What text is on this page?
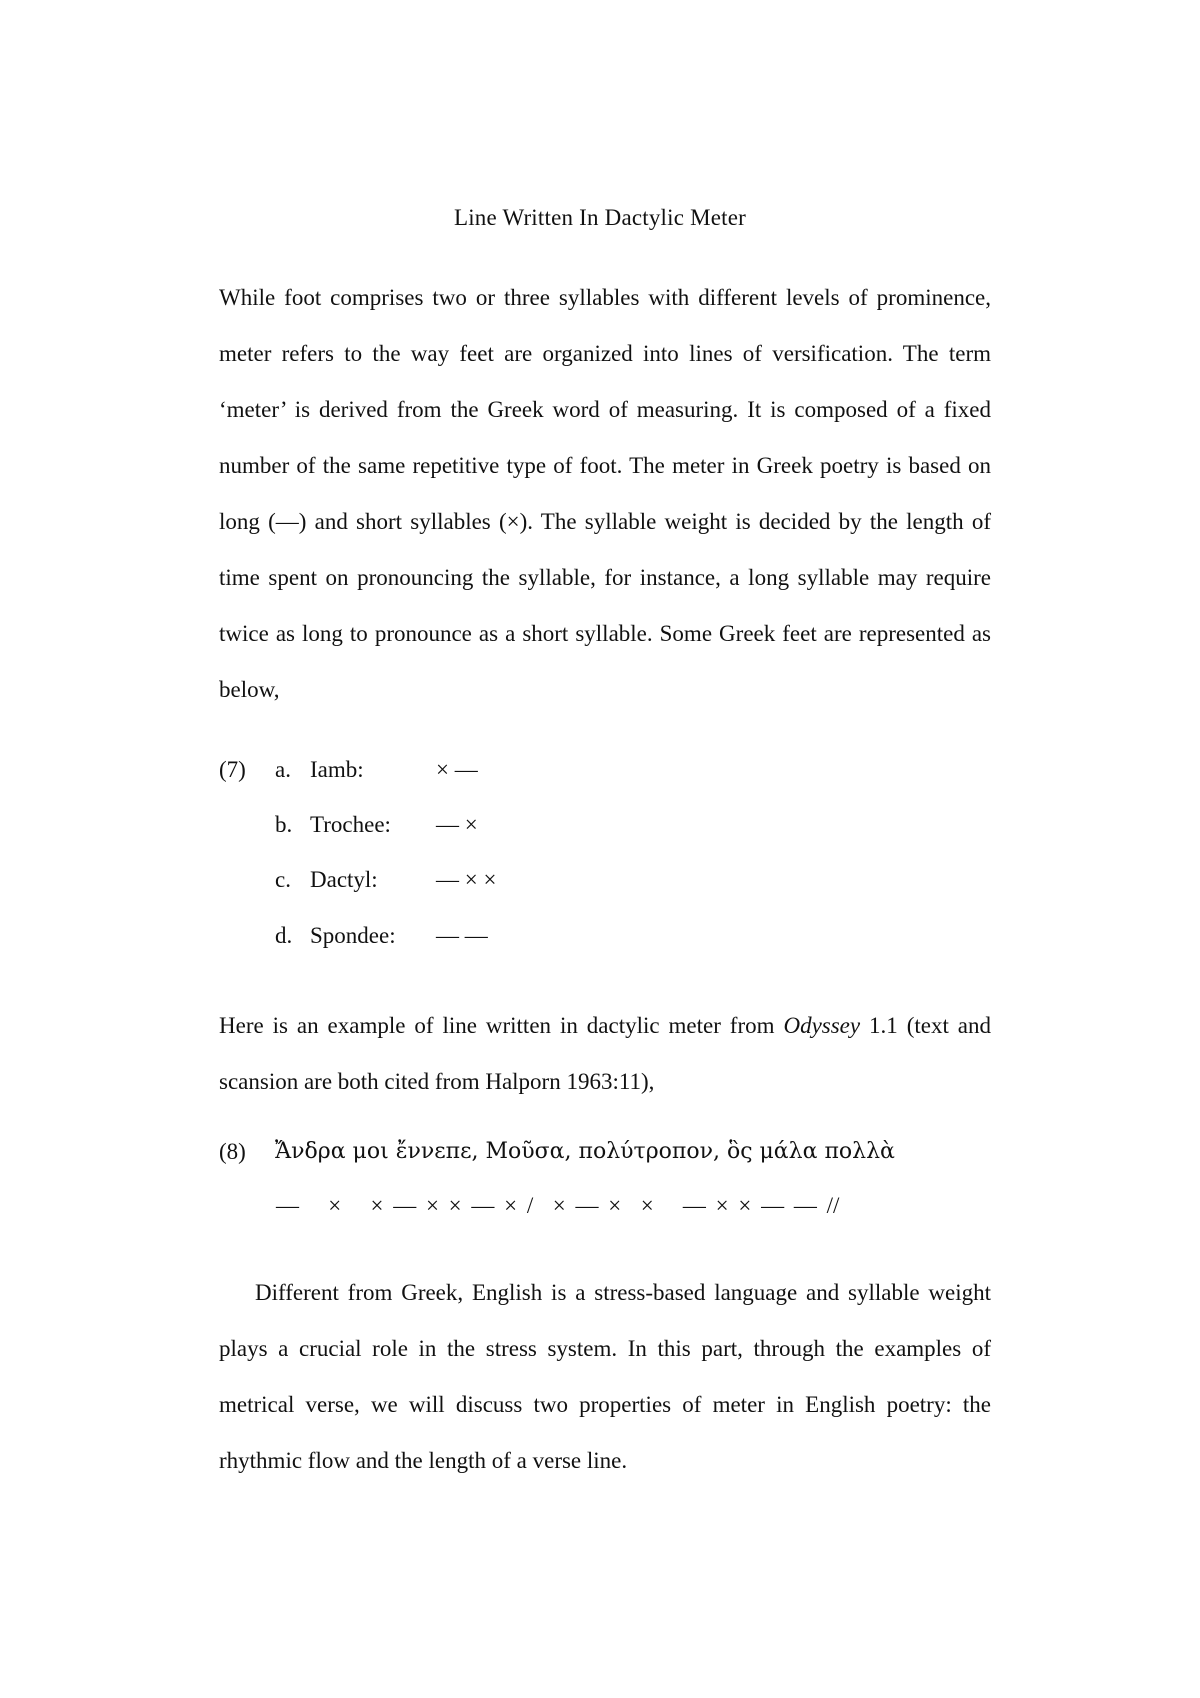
Line Written In Dactylic Meter

While foot comprises two or three syllables with different levels of prominence, meter refers to the way feet are organized into lines of versification. The term ‘meter’ is derived from the Greek word of measuring. It is composed of a fixed number of the same repetitive type of foot. The meter in Greek poetry is based on long (—) and short syllables (×). The syllable weight is decided by the length of time spent on pronouncing the syllable, for instance, a long syllable may require twice as long to pronounce as a short syllable. Some Greek feet are represented as below,

(7) a. Iamb:	× —
b. Trochee: — ×
c. Dactyl:	— × ×
d. Spondee: — —

Here is an example of line written in dactylic meter from Odyssey 1.1 (text and scansion are both cited from Halporn 1963:11),

(8) Ἄνδρα μοι ἔννεπε, Μοῦσα, πολύτροπον, ὃς μάλα πολλὰ
—   ×   × — × × — × /  × — ×  ×   — × × — — //

Different from Greek, English is a stress-based language and syllable weight plays a crucial role in the stress system. In this part, through the examples of metrical verse, we will discuss two properties of meter in English poetry: the rhythmic flow and the length of a verse line.
